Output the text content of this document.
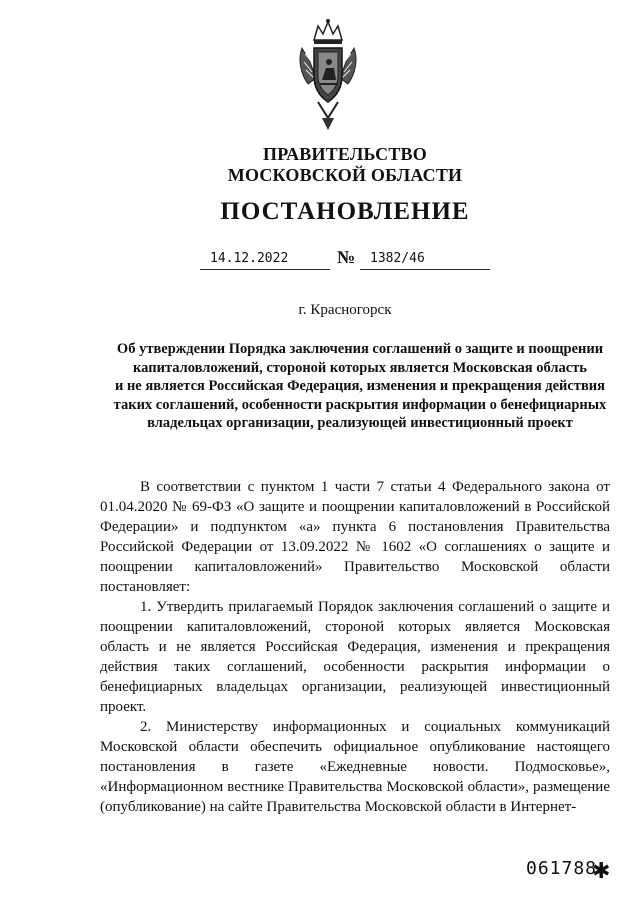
ПРАВИТЕЛЬСТВО
МОСКОВСКОЙ ОБЛАСТИ
ПОСТАНОВЛЕНИЕ
14.12.2022	№	1382/46
г. Красногорск
Об утверждении Порядка заключения соглашений о защите и поощрении
капиталовложений, стороной которых является Московская область
и не является Российская Федерация, изменения и прекращения действия
таких соглашений, особенности раскрытия информации о бенефициарных
владельцах организации, реализующей инвестиционный проект

В соответствии с пунктом 1 части 7 статьи 4 Федерального закона от 01.04.2020 № 69-ФЗ «О защите и поощрении капиталовложений в Российской Федерации» и подпунктом «а» пункта 6 постановления Правительства Российской Федерации от 13.09.2022 № 1602 «О соглашениях о защите и поощрении капиталовложений» Правительство Московской области постановляет:

1. Утвердить прилагаемый Порядок заключения соглашений о защите и поощрении капиталовложений, стороной которых является Московская область и не является Российская Федерация, изменения и прекращения действия таких соглашений, особенности раскрытия информации о бенефициарных владельцах организации, реализующей инвестиционный проект.

2. Министерству информационных и социальных коммуникаций Московской области обеспечить официальное опубликование настоящего постановления в газете «Ежедневные новости. Подмосковье», «Информационном вестнике Правительства Московской области», размещение (опубликование) на сайте Правительства Московской области в Интернет-

061788
✱
